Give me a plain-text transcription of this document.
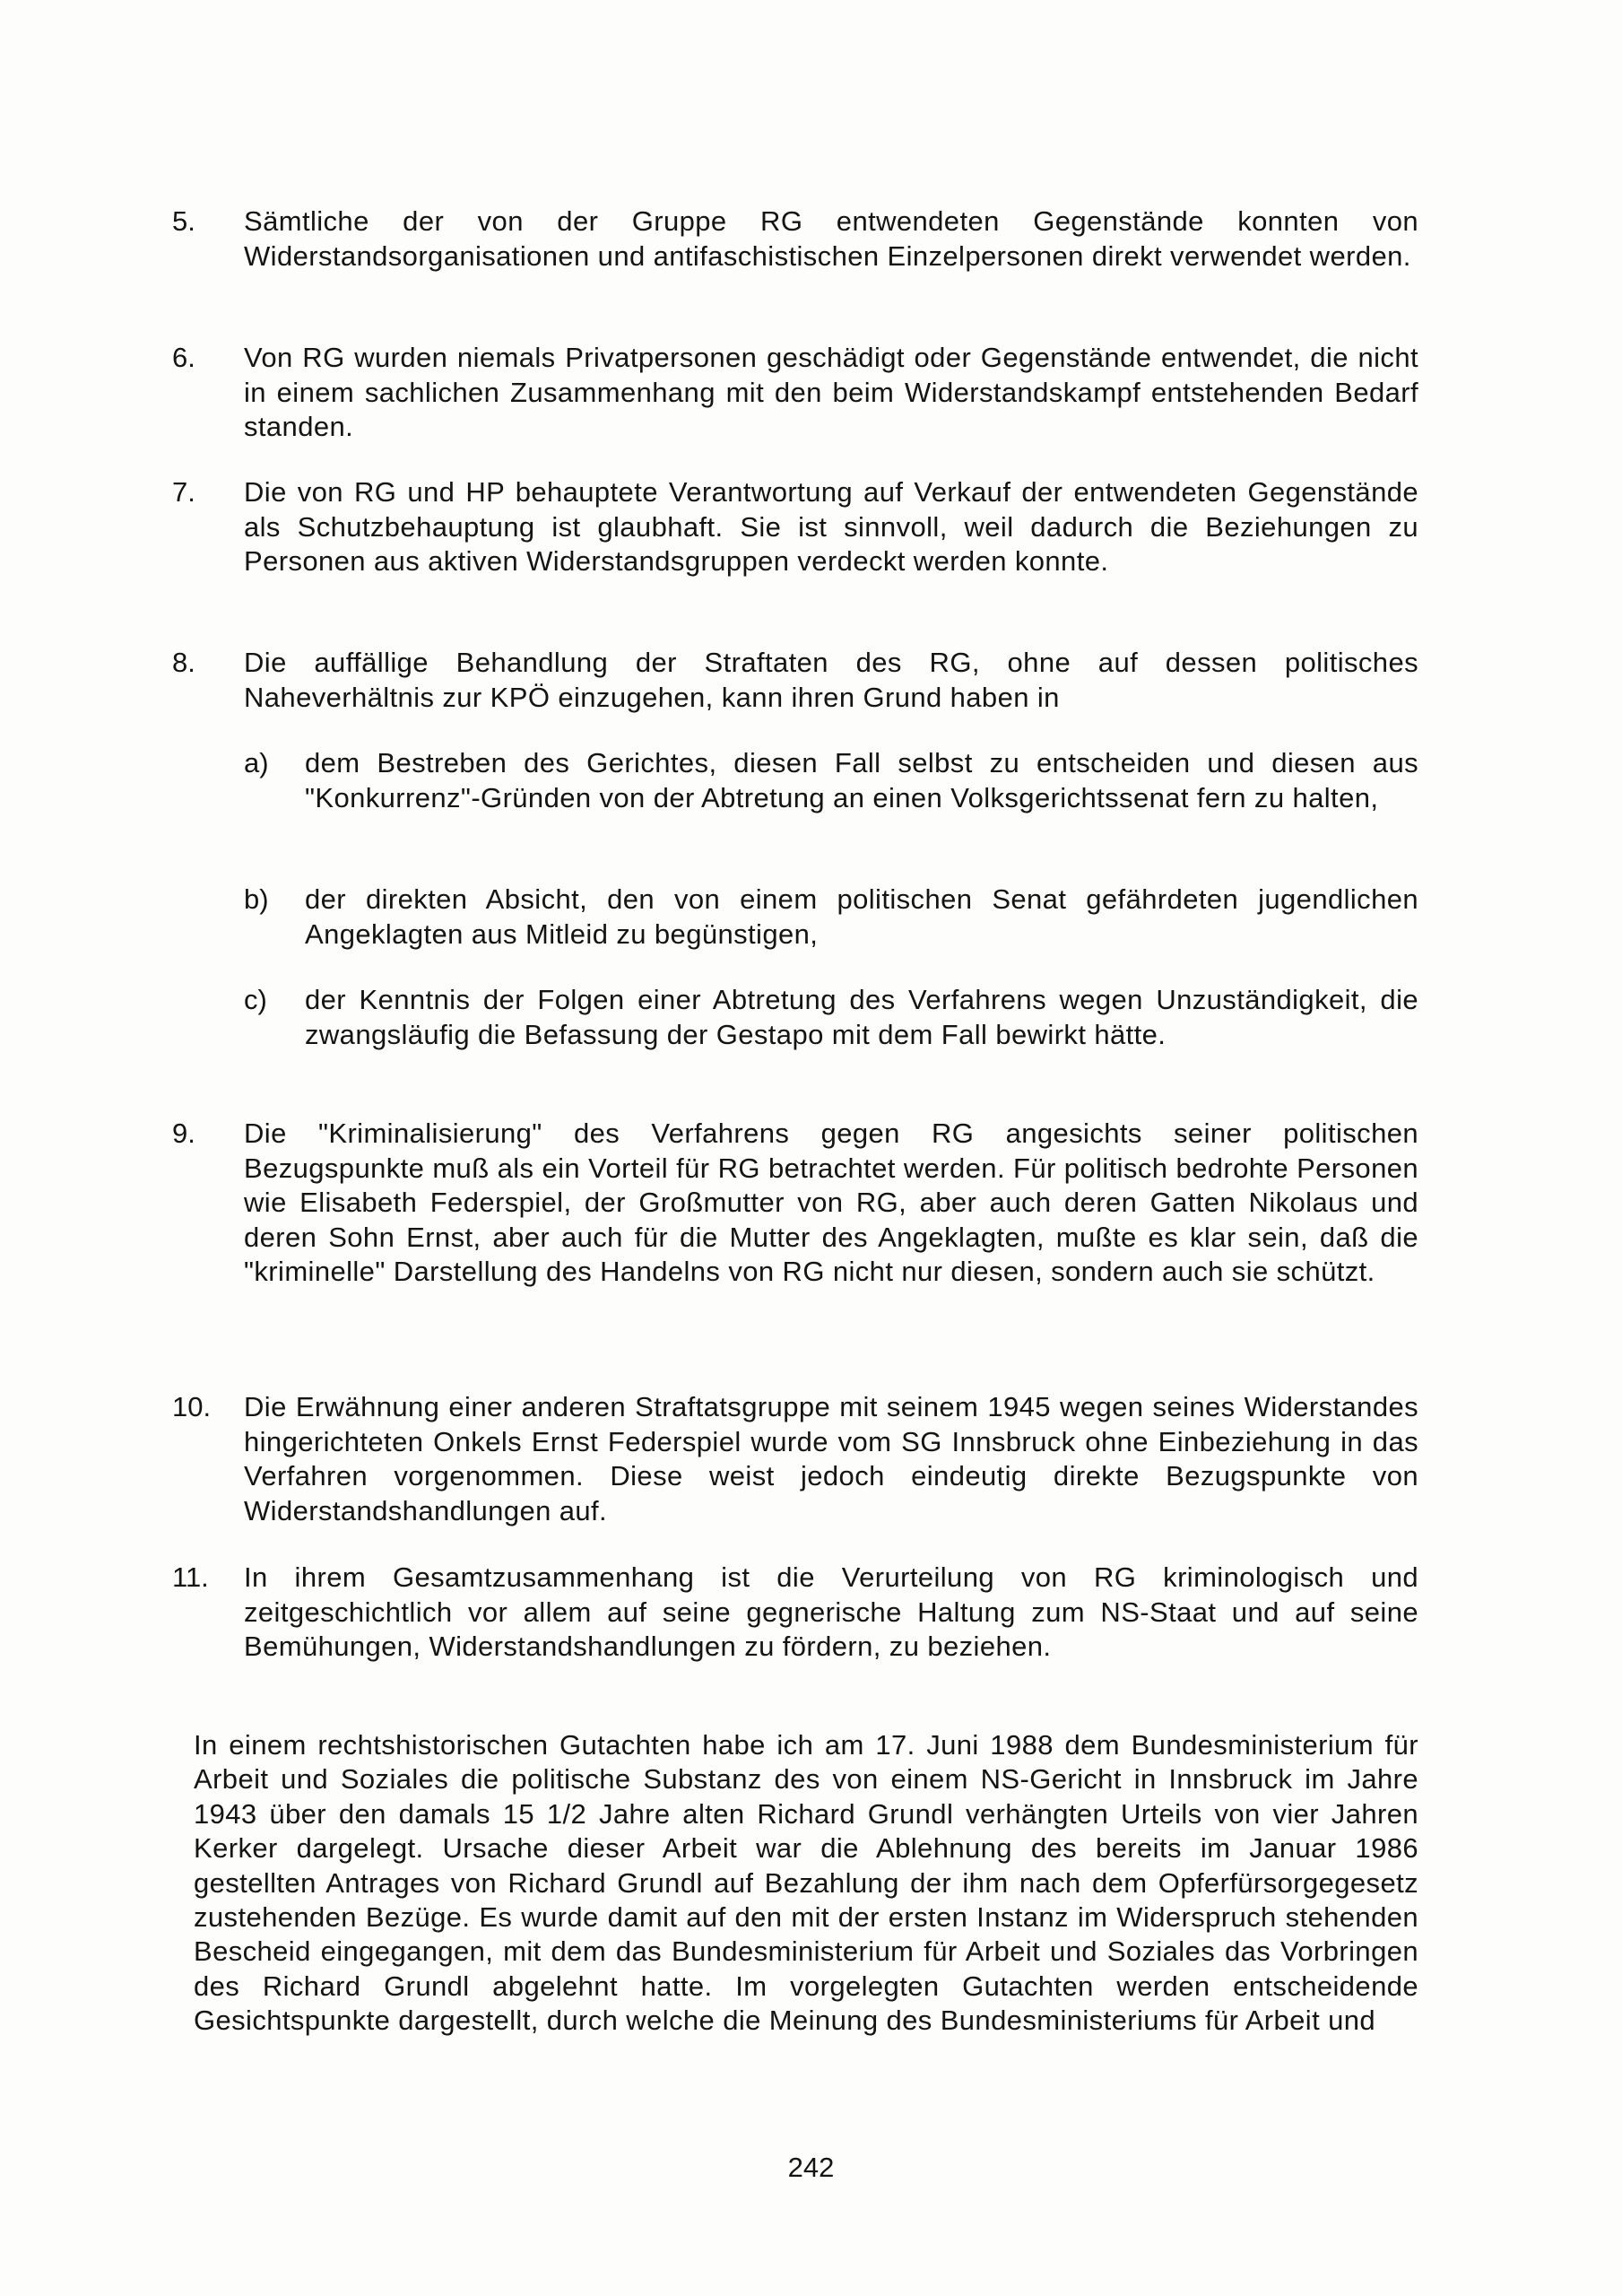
5.	Sämtliche der von der Gruppe RG entwendeten Gegenstände konnten von Widerstandsorganisationen und antifaschistischen Einzelpersonen direkt verwendet werden.
6.	Von RG wurden niemals Privatpersonen geschädigt oder Gegenstände entwendet, die nicht in einem sachlichen Zusammenhang mit den beim Widerstandskampf entstehenden Bedarf standen.
7.	Die von RG und HP behauptete Verantwortung auf Verkauf der entwendeten Gegenstände als Schutzbehauptung ist glaubhaft. Sie ist sinnvoll, weil dadurch die Beziehungen zu Personen aus aktiven Widerstandsgruppen verdeckt werden konnte.
8.	Die auffällige Behandlung der Straftaten des RG, ohne auf dessen politisches Naheverhältnis zur KPÖ einzugehen, kann ihren Grund haben in
a)	dem Bestreben des Gerichtes, diesen Fall selbst zu entscheiden und diesen aus "Konkurrenz"-Gründen von der Abtretung an einen Volksgerichtssenat fern zu halten,
b)	der direkten Absicht, den von einem politischen Senat gefährdeten jugendlichen Angeklagten aus Mitleid zu begünstigen,
c)	der Kenntnis der Folgen einer Abtretung des Verfahrens wegen Unzuständigkeit, die zwangsläufig die Befassung der Gestapo mit dem Fall bewirkt hätte.
9.	Die "Kriminalisierung" des Verfahrens gegen RG angesichts seiner politischen Bezugspunkte muß als ein Vorteil für RG betrachtet werden. Für politisch bedrohte Personen wie Elisabeth Federspiel, der Großmutter von RG, aber auch deren Gatten Nikolaus und deren Sohn Ernst, aber auch für die Mutter des Angeklagten, mußte es klar sein, daß die "kriminelle" Darstellung des Handelns von RG nicht nur diesen, sondern auch sie schützt.
10.	Die Erwähnung einer anderen Straftatsgruppe mit seinem 1945 wegen seines Widerstandes hingerichteten Onkels Ernst Federspiel wurde vom SG Innsbruck ohne Einbeziehung in das Verfahren vorgenommen. Diese weist jedoch eindeutig direkte Bezugspunkte von Widerstandshandlungen auf.
11.	In ihrem Gesamtzusammenhang ist die Verurteilung von RG kriminologisch und zeitgeschichtlich vor allem auf seine gegnerische Haltung zum NS-Staat und auf seine Bemühungen, Widerstandshandlungen zu fördern, zu beziehen.
In einem rechtshistorischen Gutachten habe ich am 17. Juni 1988 dem Bundesministerium für Arbeit und Soziales die politische Substanz des von einem NS-Gericht in Innsbruck im Jahre 1943 über den damals 15 1/2 Jahre alten Richard Grundl verhängten Urteils von vier Jahren Kerker dargelegt. Ursache dieser Arbeit war die Ablehnung des bereits im Januar 1986 gestellten Antrages von Richard Grundl auf Bezahlung der ihm nach dem Opferfürsorgegesetz zustehenden Bezüge. Es wurde damit auf den mit der ersten Instanz im Widerspruch stehenden Bescheid eingegangen, mit dem das Bundesministerium für Arbeit und Soziales das Vorbringen des Richard Grundl abgelehnt hatte. Im vorgelegten Gutachten werden entscheidende Gesichtspunkte dargestellt, durch welche die Meinung des Bundesministeriums für Arbeit und
242
